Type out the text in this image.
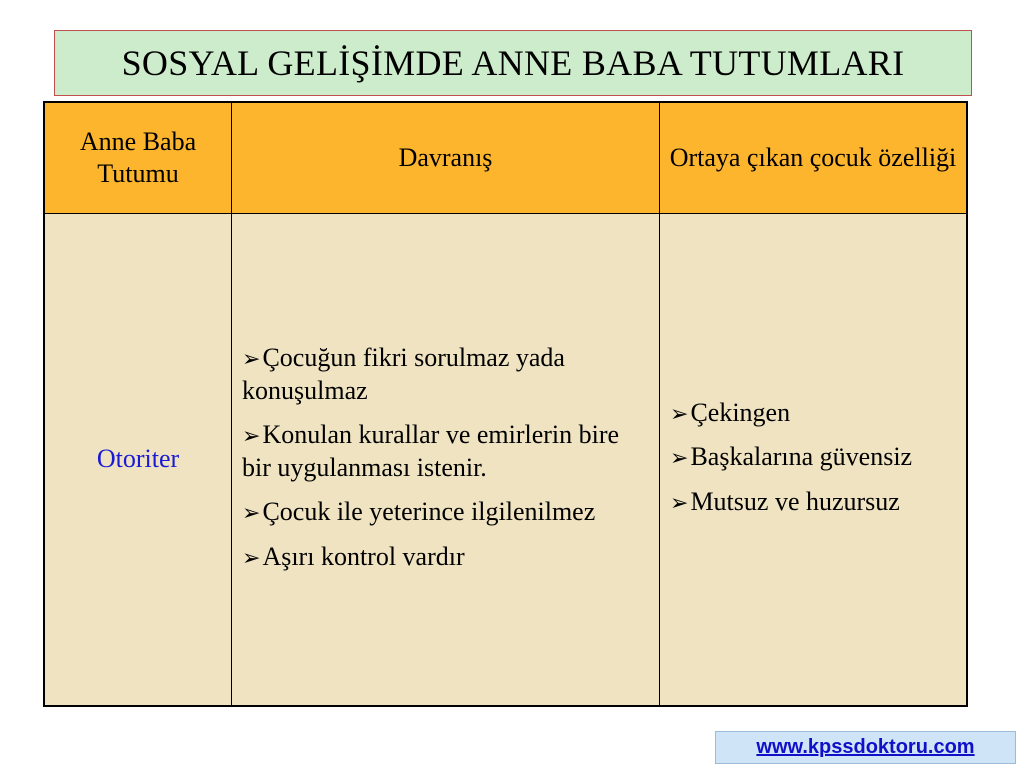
SOSYAL GELİŞİMDE ANNE BABA TUTUMLARI
Anne Baba Tutumu
Davranış	Ortaya çıkan çocuk özelliği
Otoriter
➢Çocuğun fikri sorulmaz yada konuşulmaz
➢Konulan kurallar ve emirlerin bire bir uygulanması istenir.
➢Çocuk ile yeterince ilgilenilmez
➢Aşırı kontrol vardır
➢Çekingen
➢Başkalarına güvensiz
➢Mutsuz ve huzursuz
www.kpssdoktoru.com
